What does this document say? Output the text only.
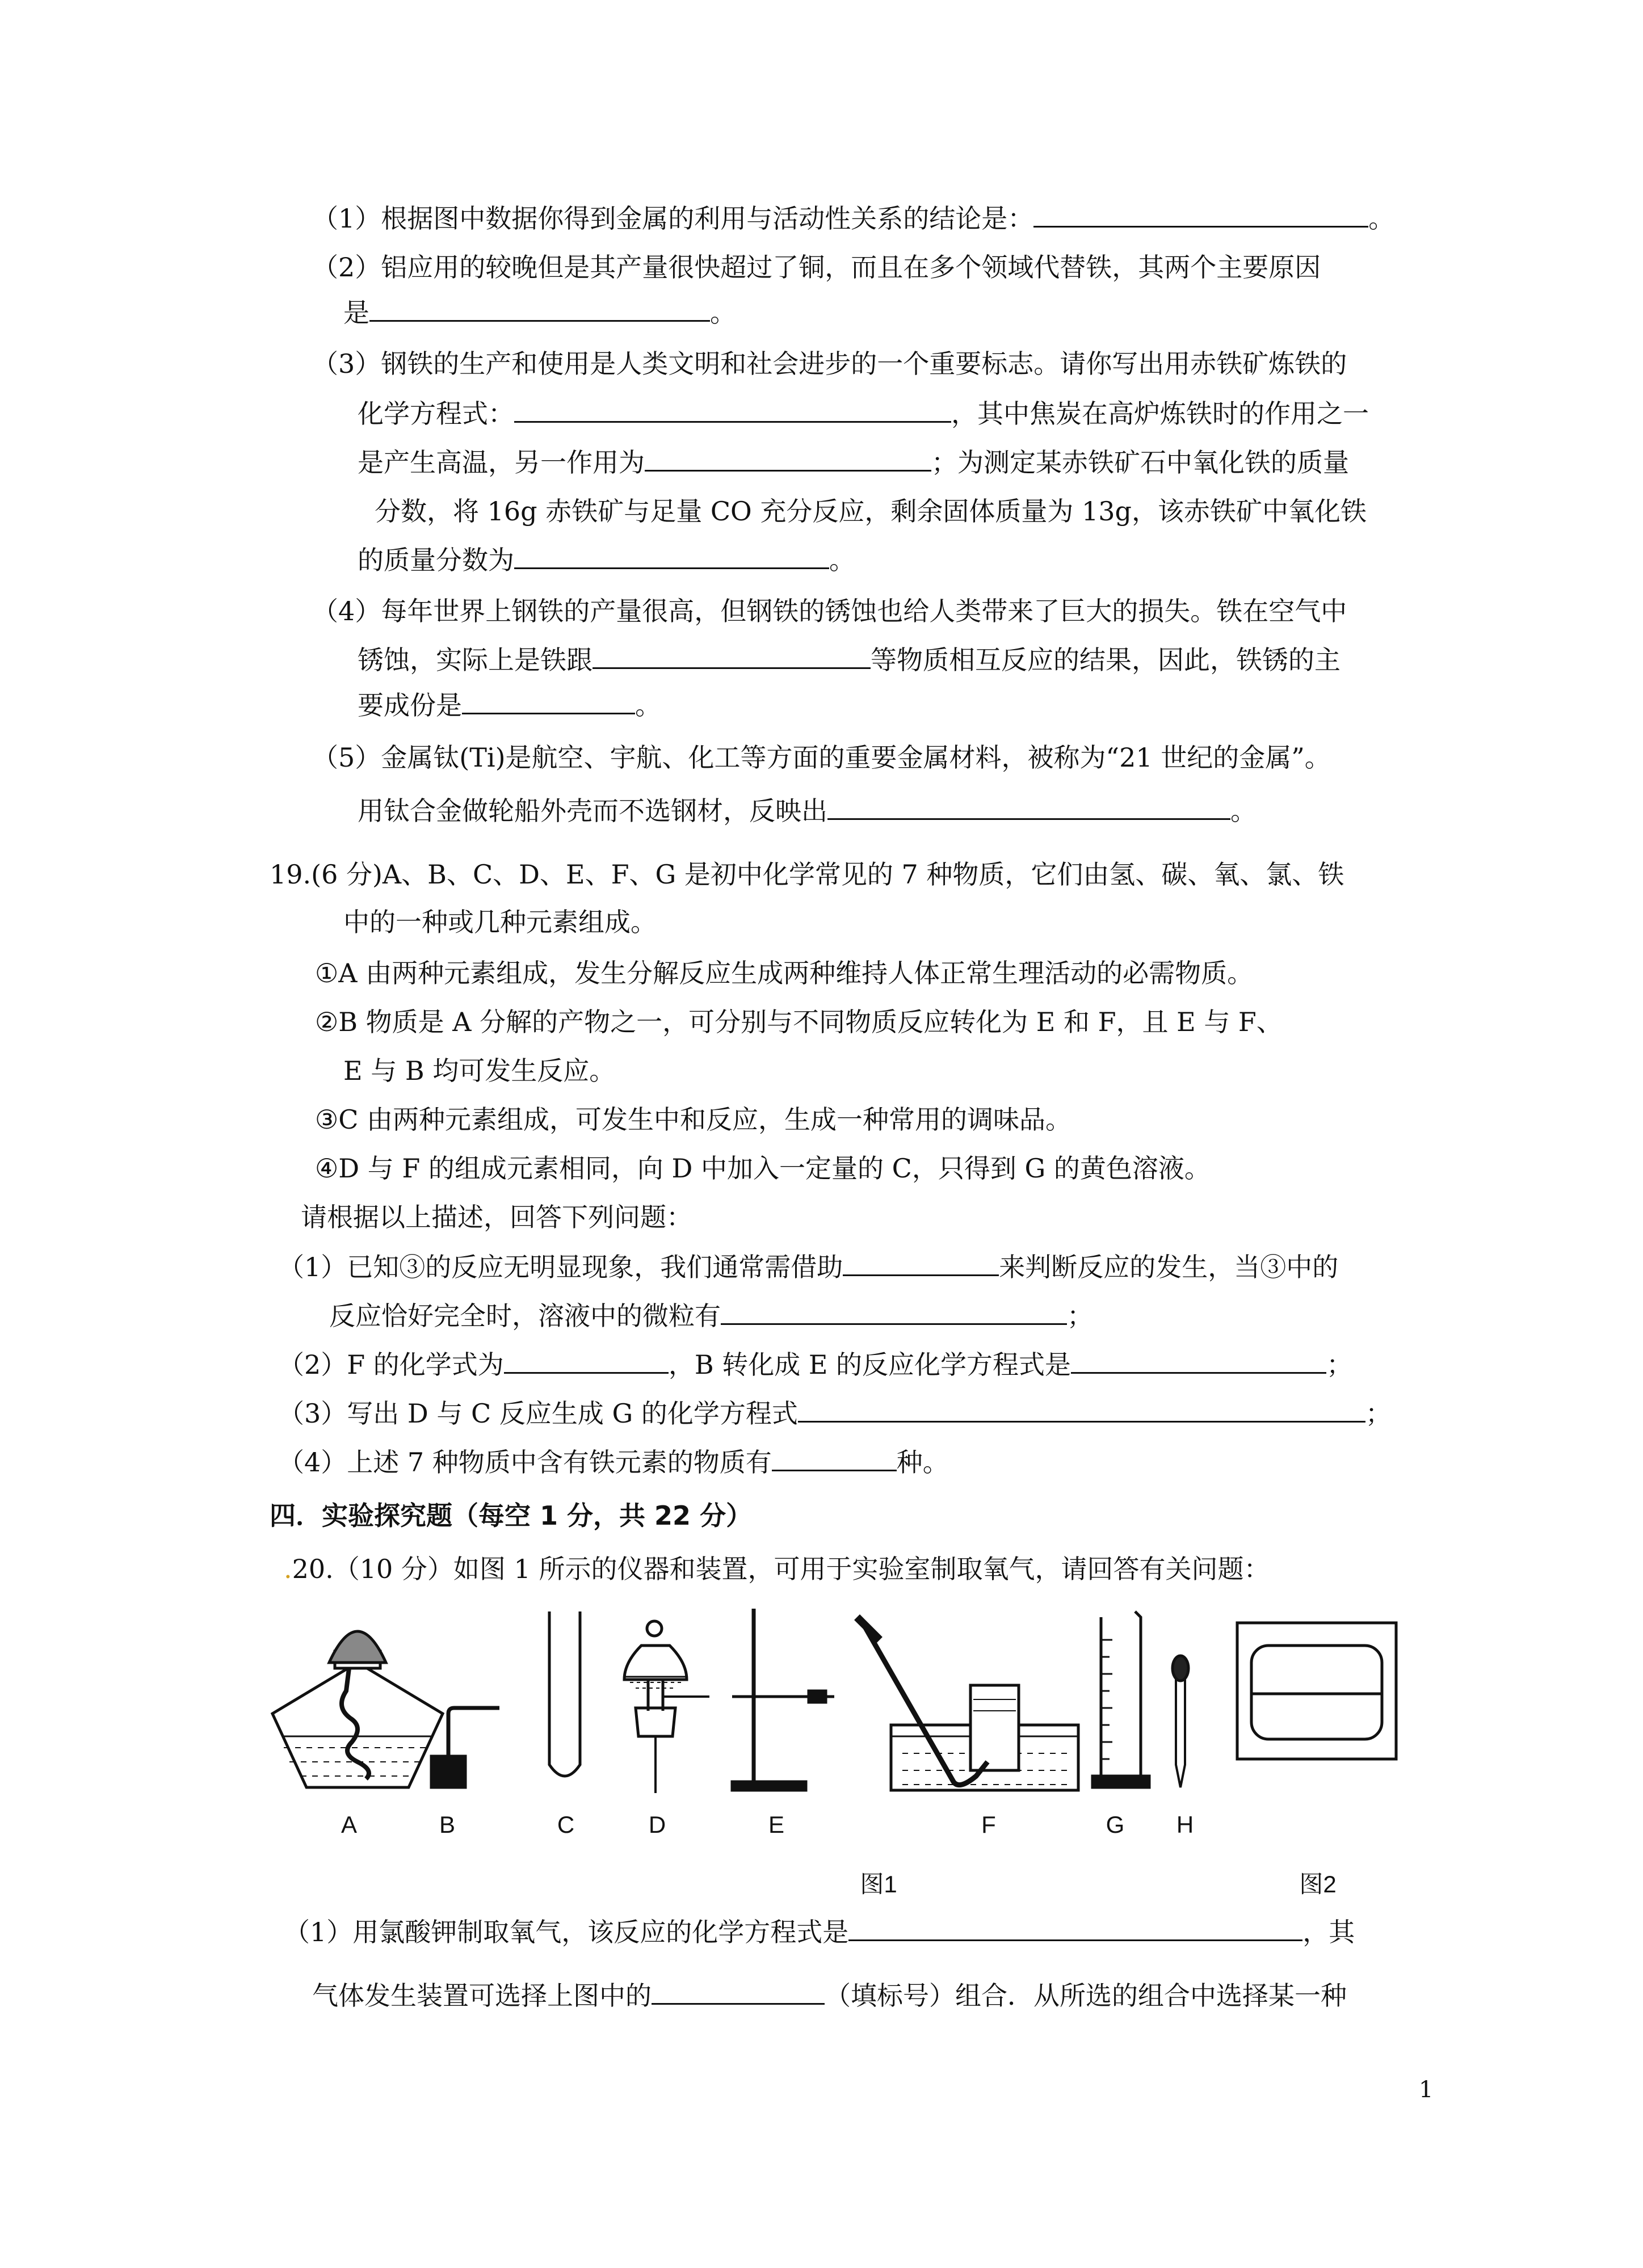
（1）根据图中数据你得到金属的利用与活动性关系的结论是：	。
（2）铝应用的较晚但是其产量很快超过了铜，而且在多个领域代替铁，其两个主要原因
是	。
（3）钢铁的生产和使用是人类文明和社会进步的一个重要标志。请你写出用赤铁矿炼铁的
化学方程式：	，其中焦炭在高炉炼铁时的作用之一
是产生高温，另一作用为	；为测定某赤铁矿石中氧化铁的质量
分数，将 16g 赤铁矿与足量 CO 充分反应，剩余固体质量为 13g，该赤铁矿中氧化铁
的质量分数为	。
（4）每年世界上钢铁的产量很高，但钢铁的锈蚀也给人类带来了巨大的损失。铁在空气中
锈蚀，实际上是铁跟	等物质相互反应的结果，因此，铁锈的主
要成份是	。
（5）金属钛(Ti)是航空、宇航、化工等方面的重要金属材料，被称为“21 世纪的金属”。
用钛合金做轮船外壳而不选钢材，反映出	。
19.(6 分)A、B、C、D、E、F、G 是初中化学常见的 7 种物质，它们由氢、碳、氧、氯、铁
中的一种或几种元素组成。
①A 由两种元素组成，发生分解反应生成两种维持人体正常生理活动的必需物质。
②B 物质是 A 分解的产物之一，可分别与不同物质反应转化为 E 和 F，且 E 与 F、
E 与 B 均可发生反应。
③C 由两种元素组成，可发生中和反应，生成一种常用的调味品。
④D 与 F 的组成元素相同，向 D 中加入一定量的 C，只得到 G 的黄色溶液。
请根据以上描述，回答下列问题：
（1）已知③的反应无明显现象，我们通常需借助	来判断反应的发生，当③中的
反应恰好完全时，溶液中的微粒有	；
（2）F 的化学式为	，B 转化成 E 的反应化学方程式是	；
（3）写出 D 与 C 反应生成 G 的化学方程式	；
（4）上述 7 种物质中含有铁元素的物质有	种。
四．实验探究题（每空 1 分，共 22 分）
.20.（10 分）如图 1 所示的仪器和装置，可用于实验室制取氧气，请回答有关问题：
A	B	C	D	E	F	G H
图1	图2
（1）用氯酸钾制取氧气，该反应的化学方程式是	，其
气体发生装置可选择上图中的	（填标号）组合．从所选的组合中选择某一种
1
